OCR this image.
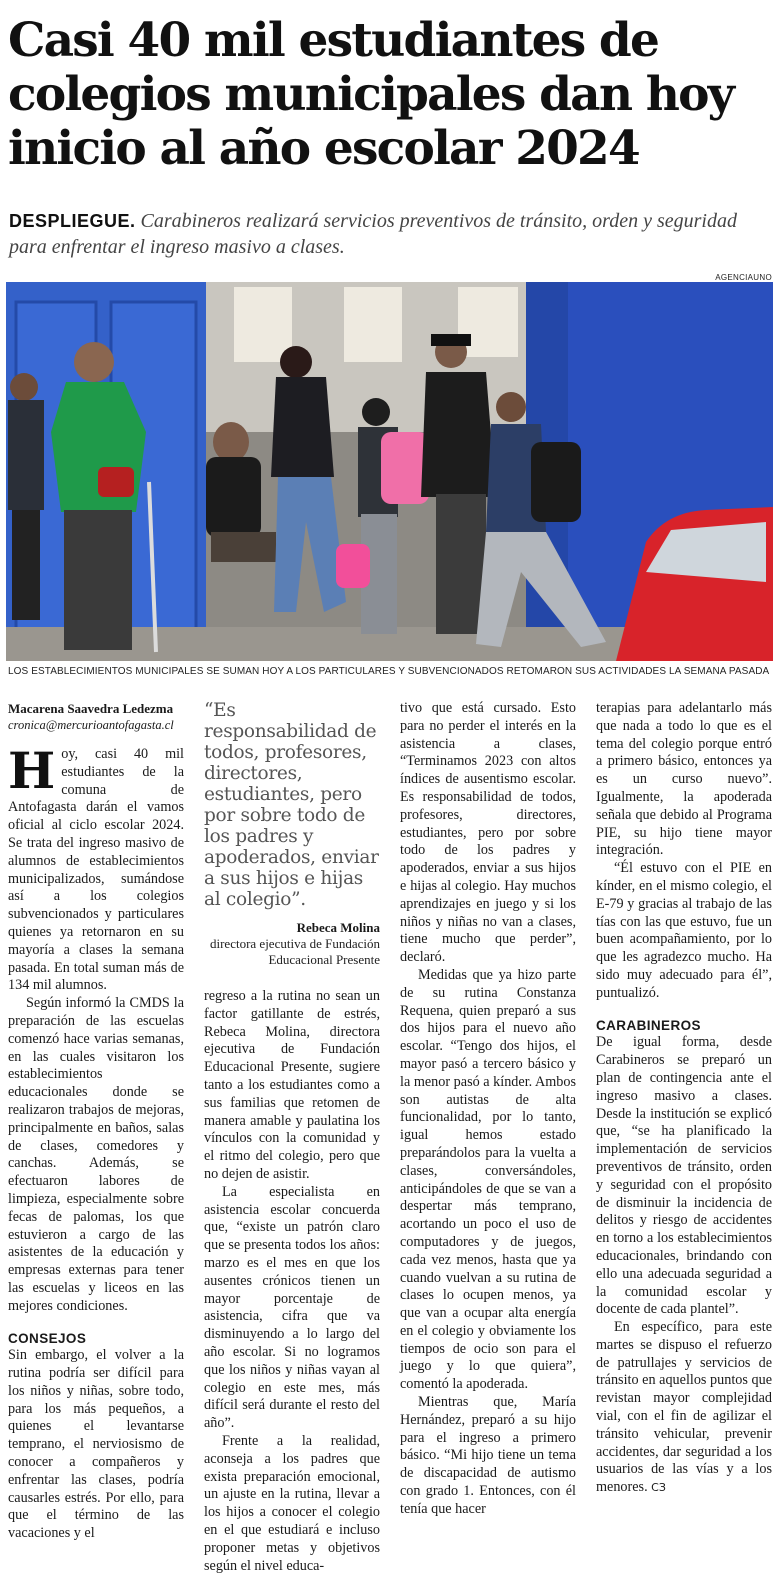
Casi 40 mil estudiantes de colegios municipales dan hoy inicio al año escolar 2024
DESPLIEGUE. Carabineros realizará servicios preventivos de tránsito, orden y seguridad para enfrentar el ingreso masivo a clases.
AGENCIAUNO
LOS ESTABLECIMIENTOS MUNICIPALES SE SUMAN HOY A LOS PARTICULARES Y SUBVENCIONADOS RETOMARON SUS ACTIVIDADES LA SEMANA PASADA
Macarena Saavedra Ledezma
cronica@mercurioantofagasta.cl

Hoy, casi 40 mil estudiantes de la comuna de Antofagasta darán el vamos oficial al ciclo escolar 2024. Se trata del ingreso masivo de alumnos de establecimientos municipalizados, sumándose así a los colegios subvencionados y particulares quienes ya retornaron en su mayoría a clases la semana pasada. En total suman más de 134 mil alumnos.

Según informó la CMDS la preparación de las escuelas comenzó hace varias semanas, en las cuales visitaron los establecimientos educacionales donde se realizaron trabajos de mejoras, principalmente en baños, salas de clases, comedores y canchas. Además, se efectuaron labores de limpieza, especialmente sobre fecas de palomas, los que estuvieron a cargo de las asistentes de la educación y empresas externas para tener las escuelas y liceos en las mejores condiciones.

CONSEJOS

Sin embargo, el volver a la rutina podría ser difícil para los niños y niñas, sobre todo, para los más pequeños, a quienes el levantarse temprano, el nerviosismo de conocer a compañeros y enfrentar las clases, podría causarles estrés. Por ello, para que el término de las vacaciones y el

“Es responsabilidad de todos, profesores, directores, estudiantes, pero por sobre todo de los padres y apoderados, enviar a sus hijos e hijas al colegio”.
Rebeca Molina
directora ejecutiva de Fundación Educacional Presente

regreso a la rutina no sean un factor gatillante de estrés, Rebeca Molina, directora ejecutiva de Fundación Educacional Presente, sugiere tanto a los estudiantes como a sus familias que retomen de manera amable y paulatina los vínculos con la comunidad y el ritmo del colegio, pero que no dejen de asistir.

La especialista en asistencia escolar concuerda que, “existe un patrón claro que se presenta todos los años: marzo es el mes en que los ausentes crónicos tienen un mayor porcentaje de asistencia, cifra que va disminuyendo a lo largo del año escolar. Si no logramos que los niños y niñas vayan al colegio en este mes, más difícil será durante el resto del año”.

Frente a la realidad, aconseja a los padres que exista preparación emocional, un ajuste en la rutina, llevar a los hijos a conocer el colegio en el que estudiará e incluso proponer metas y objetivos según el nivel educa-

tivo que está cursado. Esto para no perder el interés en la asistencia a clases, “Terminamos 2023 con altos índices de ausentismo escolar. Es responsabilidad de todos, profesores, directores, estudiantes, pero por sobre todo de los padres y apoderados, enviar a sus hijos e hijas al colegio. Hay muchos aprendizajes en juego y si los niños y niñas no van a clases, tiene mucho que perder”, declaró.

Medidas que ya hizo parte de su rutina Constanza Requena, quien preparó a sus dos hijos para el nuevo año escolar. “Tengo dos hijos, el mayor pasó a tercero básico y la menor pasó a kínder. Ambos son autistas de alta funcionalidad, por lo tanto, igual hemos estado preparándolos para la vuelta a clases, conversándoles, anticipándoles de que se van a despertar más temprano, acortando un poco el uso de computadores y de juegos, cada vez menos, hasta que ya cuando vuelvan a su rutina de clases lo ocupen menos, ya que van a ocupar alta energía en el colegio y obviamente los tiempos de ocio son para el juego y lo que quiera”, comentó la apoderada.

Mientras que, María Hernández, preparó a su hijo para el ingreso a primero básico. “Mi hijo tiene un tema de discapacidad de autismo con grado 1. Entonces, con él tenía que hacer

terapias para adelantarlo más que nada a todo lo que es el tema del colegio porque entró a primero básico, entonces ya es un curso nuevo”. Igualmente, la apoderada señala que debido al Programa PIE, su hijo tiene mayor integración.

“Él estuvo con el PIE en kínder, en el mismo colegio, el E-79 y gracias al trabajo de las tías con las que estuvo, fue un buen acompañamiento, por lo que les agradezco mucho. Ha sido muy adecuado para él”, puntualizó.

CARABINEROS

De igual forma, desde Carabineros se preparó un plan de contingencia ante el ingreso masivo a clases. Desde la institución se explicó que, “se ha planificado la implementación de servicios preventivos de tránsito, orden y seguridad con el propósito de disminuir la incidencia de delitos y riesgo de accidentes en torno a los establecimientos educacionales, brindando con ello una adecuada seguridad a la comunidad escolar y docente de cada plantel”.

En específico, para este martes se dispuso el refuerzo de patrullajes y servicios de tránsito en aquellos puntos que revistan mayor complejidad vial, con el fin de agilizar el tránsito vehicular, prevenir accidentes, dar seguridad a los usuarios de las vías y a los menores. ϹЗ
